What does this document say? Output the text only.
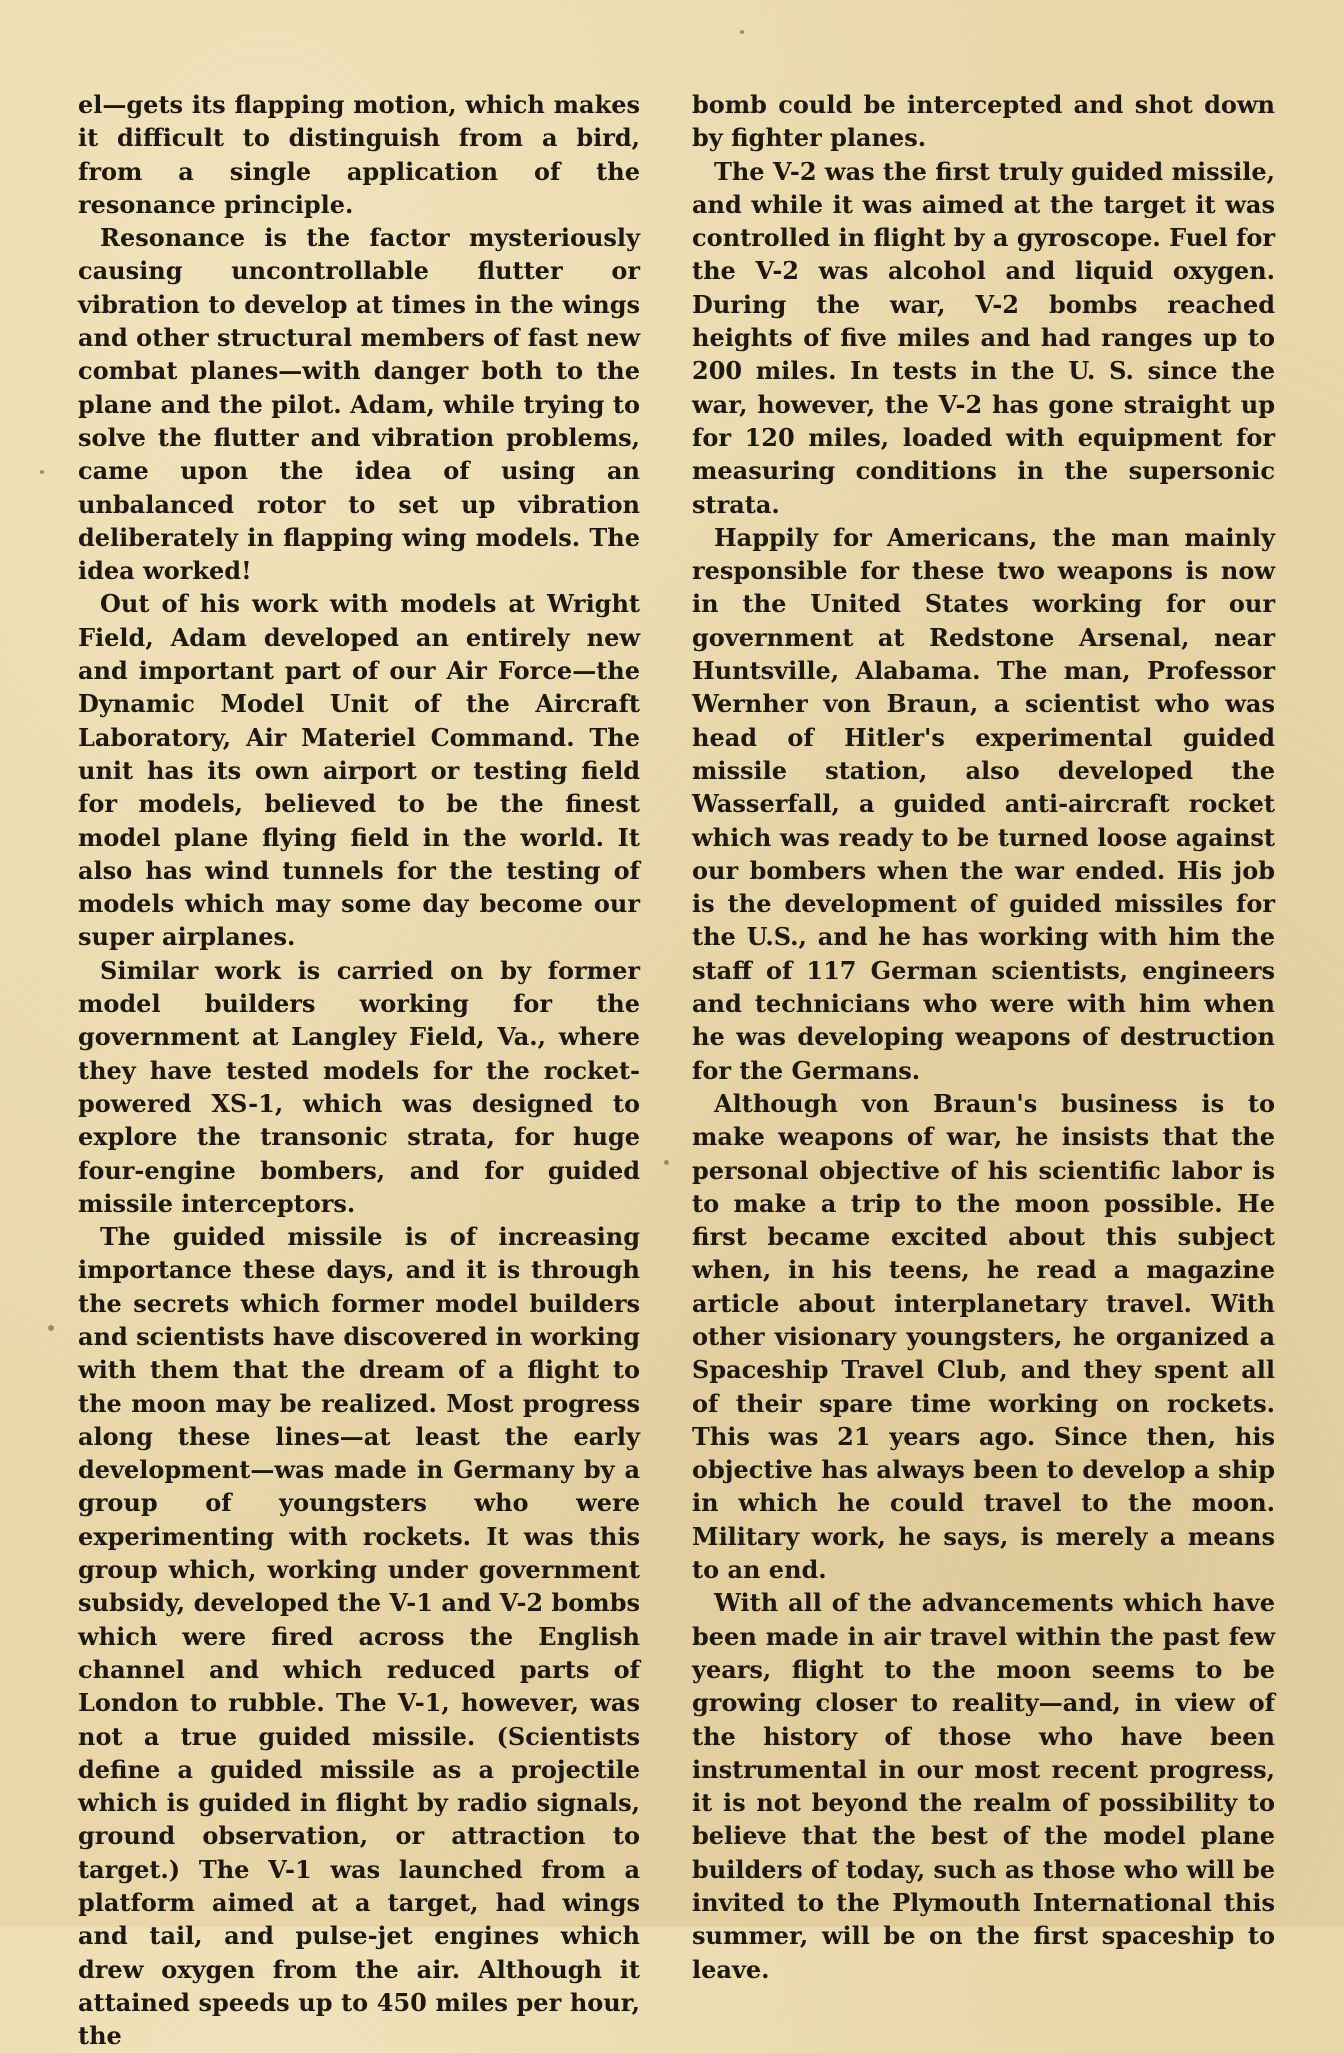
el—gets its flapping motion, which makes it difficult to distinguish from a bird, from a single application of the resonance principle.

Resonance is the factor mysteriously causing uncontrollable flutter or vibration to develop at times in the wings and other structural members of fast new combat planes—with danger both to the plane and the pilot. Adam, while trying to solve the flutter and vibration problems, came upon the idea of using an unbalanced rotor to set up vibration deliberately in flapping wing models. The idea worked!

Out of his work with models at Wright Field, Adam developed an entirely new and important part of our Air Force—the Dynamic Model Unit of the Aircraft Laboratory, Air Materiel Command. The unit has its own airport or testing field for models, believed to be the finest model plane flying field in the world. It also has wind tunnels for the testing of models which may some day become our super airplanes.

Similar work is carried on by former model builders working for the government at Langley Field, Va., where they have tested models for the rocket-powered XS-1, which was designed to explore the transonic strata, for huge four-engine bombers, and for guided missile interceptors.

The guided missile is of increasing importance these days, and it is through the secrets which former model builders and scientists have discovered in working with them that the dream of a flight to the moon may be realized. Most progress along these lines—at least the early development—was made in Germany by a group of youngsters who were experimenting with rockets. It was this group which, working under government subsidy, developed the V-1 and V-2 bombs which were fired across the English channel and which reduced parts of London to rubble. The V-1, however, was not a true guided missile. (Scientists define a guided missile as a projectile which is guided in flight by radio signals, ground observation, or attraction to target.) The V-1 was launched from a platform aimed at a target, had wings and tail, and pulse-jet engines which drew oxygen from the air. Although it attained speeds up to 450 miles per hour, the

bomb could be intercepted and shot down by fighter planes.

The V-2 was the first truly guided missile, and while it was aimed at the target it was controlled in flight by a gyroscope. Fuel for the V-2 was alcohol and liquid oxygen. During the war, V-2 bombs reached heights of five miles and had ranges up to 200 miles. In tests in the U. S. since the war, however, the V-2 has gone straight up for 120 miles, loaded with equipment for measuring conditions in the supersonic strata.

Happily for Americans, the man mainly responsible for these two weapons is now in the United States working for our government at Redstone Arsenal, near Huntsville, Alabama. The man, Professor Wernher von Braun, a scientist who was head of Hitler's experimental guided missile station, also developed the Wasserfall, a guided anti-aircraft rocket which was ready to be turned loose against our bombers when the war ended. His job is the development of guided missiles for the U.S., and he has working with him the staff of 117 German scientists, engineers and technicians who were with him when he was developing weapons of destruction for the Germans.

Although von Braun's business is to make weapons of war, he insists that the personal objective of his scientific labor is to make a trip to the moon possible. He first became excited about this subject when, in his teens, he read a magazine article about interplanetary travel. With other visionary youngsters, he organized a Spaceship Travel Club, and they spent all of their spare time working on rockets. This was 21 years ago. Since then, his objective has always been to develop a ship in which he could travel to the moon. Military work, he says, is merely a means to an end.

With all of the advancements which have been made in air travel within the past few years, flight to the moon seems to be growing closer to reality—and, in view of the history of those who have been instrumental in our most recent progress, it is not beyond the realm of possibility to believe that the best of the model plane builders of today, such as those who will be invited to the Plymouth International this summer, will be on the first spaceship to leave.
